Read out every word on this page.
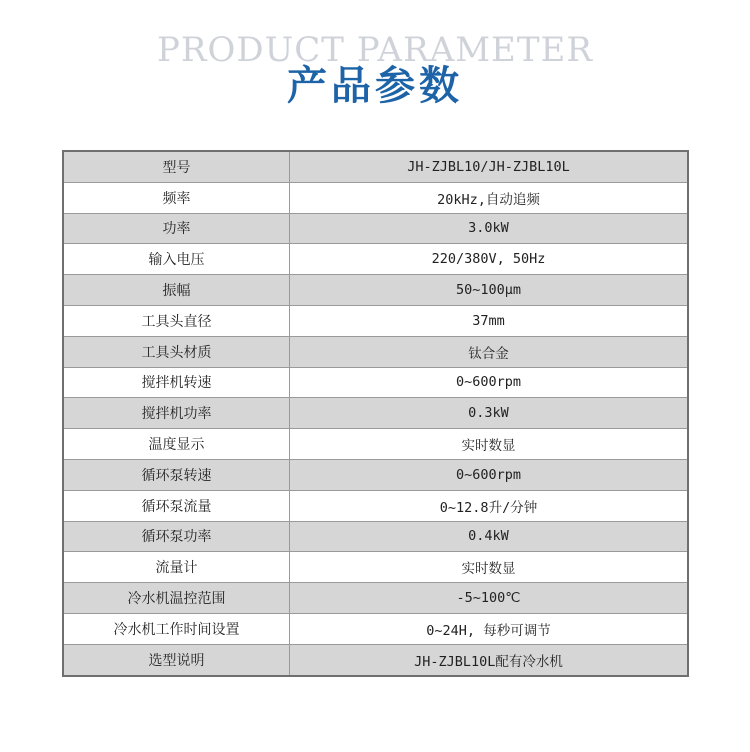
PRODUCT PARAMETER
产品参数
型号	JH-ZJBL10/JH-ZJBL10L
频率	20kHz,自动追频
功率	3.0kW
输入电压	220/380V, 50Hz
振幅	50~100μm
工具头直径	37mm
工具头材质	钛合金
搅拌机转速	0~600rpm
搅拌机功率	0.3kW
温度显示	实时数显
循环泵转速	0~600rpm
循环泵流量	0~12.8升/分钟
循环泵功率	0.4kW
流量计	实时数显
冷水机温控范围	-5~100℃
冷水机工作时间设置	0~24H, 每秒可调节
选型说明	JH-ZJBL10L配有冷水机
